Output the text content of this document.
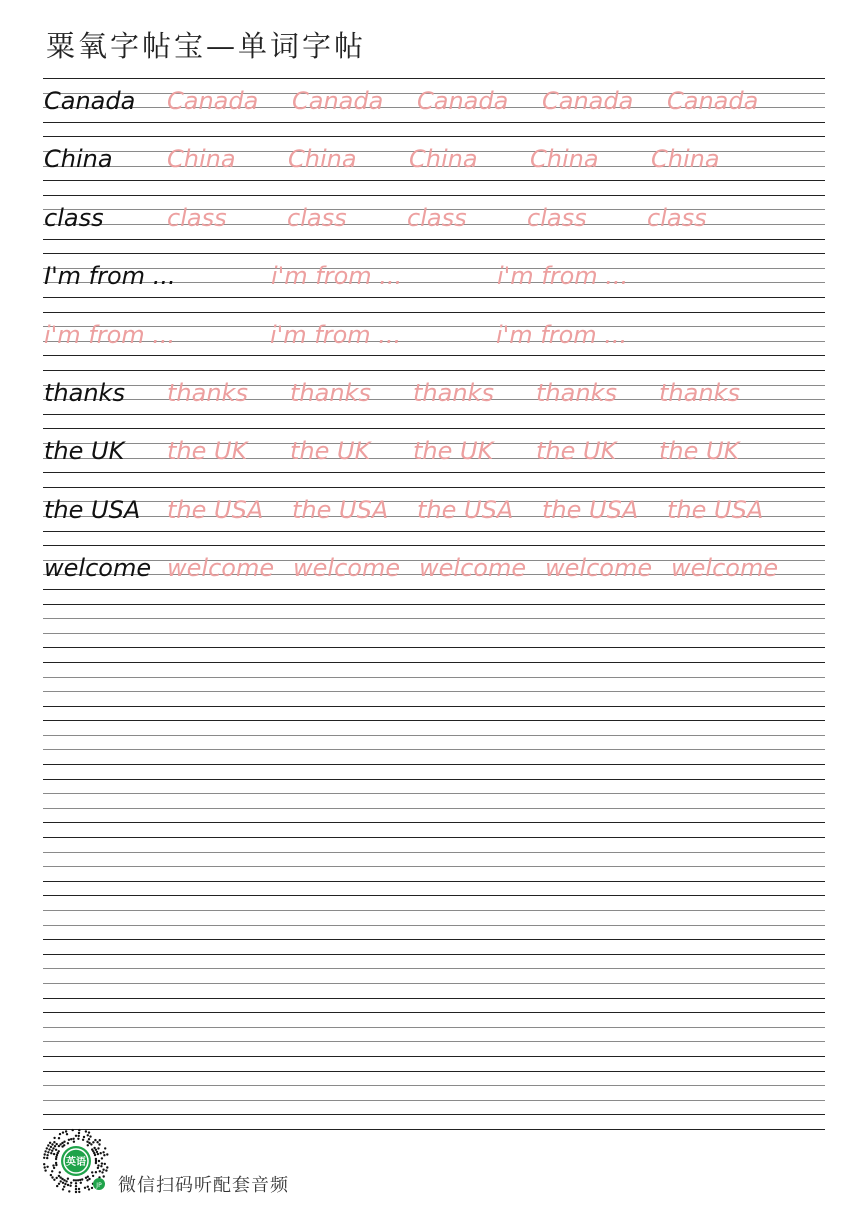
粟氧字帖宝—单词字帖
Canada Canada Canada Canada Canada Canada
China China China China China China
class	class	class	class	class	class
I'm from ...	i'm from ...	i'm from ...
i'm from ...	i'm from ...	i'm from ...
thanks thanks thanks thanks thanks thanks
the UK the UK the UK the UK the UK the UK
the USA the USA the USA the USA the USA the USA
welcome welcome welcome welcome welcome welcome
英语
JP 微信扫码听配套音频
